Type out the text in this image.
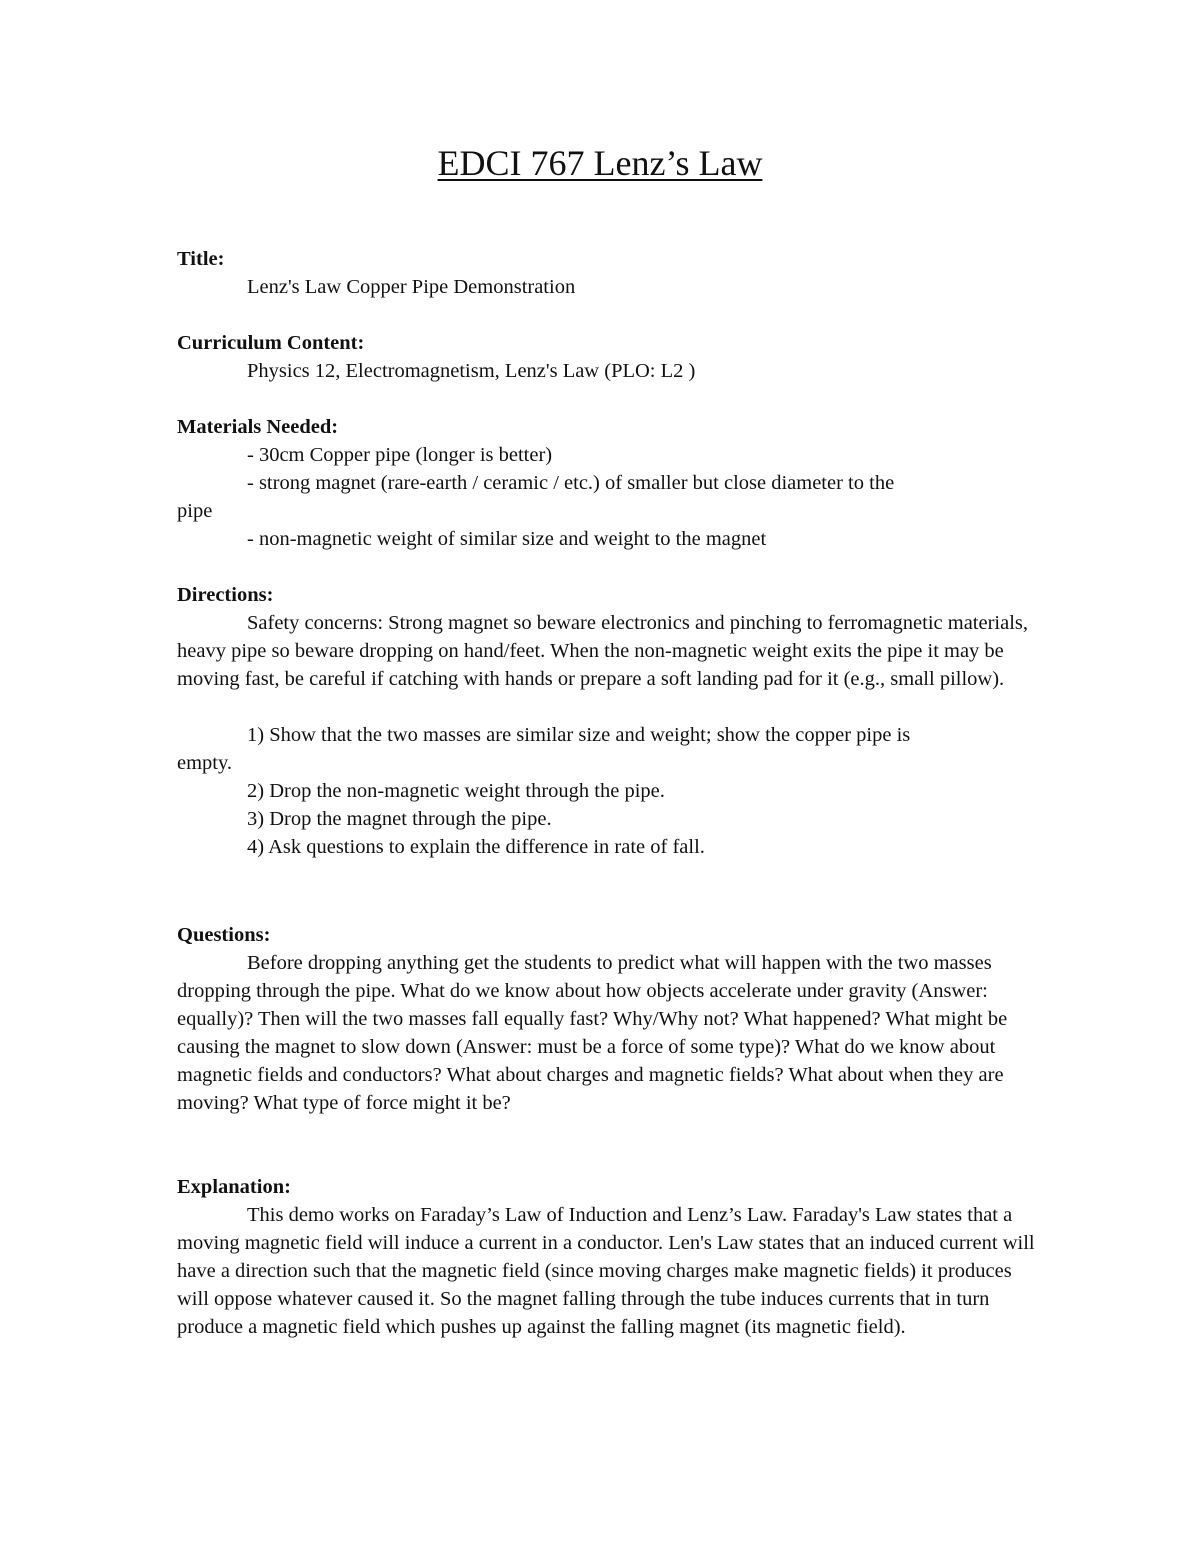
EDCI 767 Lenz’s Law

Title:

Lenz's Law Copper Pipe Demonstration

Curriculum Content:

Physics 12, Electromagnetism, Lenz's Law (PLO: L2 )

Materials Needed:

- 30cm Copper pipe (longer is better)

- strong magnet (rare-earth / ceramic / etc.) of smaller but close diameter to the

pipe

- non-magnetic weight of similar size and weight to the magnet

Directions:

Safety concerns: Strong magnet so beware electronics and pinching to ferromagnetic materials, heavy pipe so beware dropping on hand/feet. When the non-magnetic weight exits the pipe it may be moving fast, be careful if catching with hands or prepare a soft landing pad for it (e.g., small pillow).

1) Show that the two masses are similar size and weight; show the copper pipe is

empty.

2) Drop the non-magnetic weight through the pipe.

3) Drop the magnet through the pipe.

4) Ask questions to explain the difference in rate of fall.

Questions:

Before dropping anything get the students to predict what will happen with the two masses dropping through the pipe. What do we know about how objects accelerate under gravity (Answer: equally)? Then will the two masses fall equally fast? Why/Why not? What happened? What might be causing the magnet to slow down (Answer: must be a force of some type)? What do we know about magnetic fields and conductors? What about charges and magnetic fields? What about when they are moving? What type of force might it be?

Explanation:

This demo works on Faraday’s Law of Induction and Lenz’s Law. Faraday's Law states that a moving magnetic field will induce a current in a conductor. Len's Law states that an induced current will have a direction such that the magnetic field (since moving charges make magnetic fields) it produces will oppose whatever caused it. So the magnet falling through the tube induces currents that in turn produce a magnetic field which pushes up against the falling magnet (its magnetic field).
